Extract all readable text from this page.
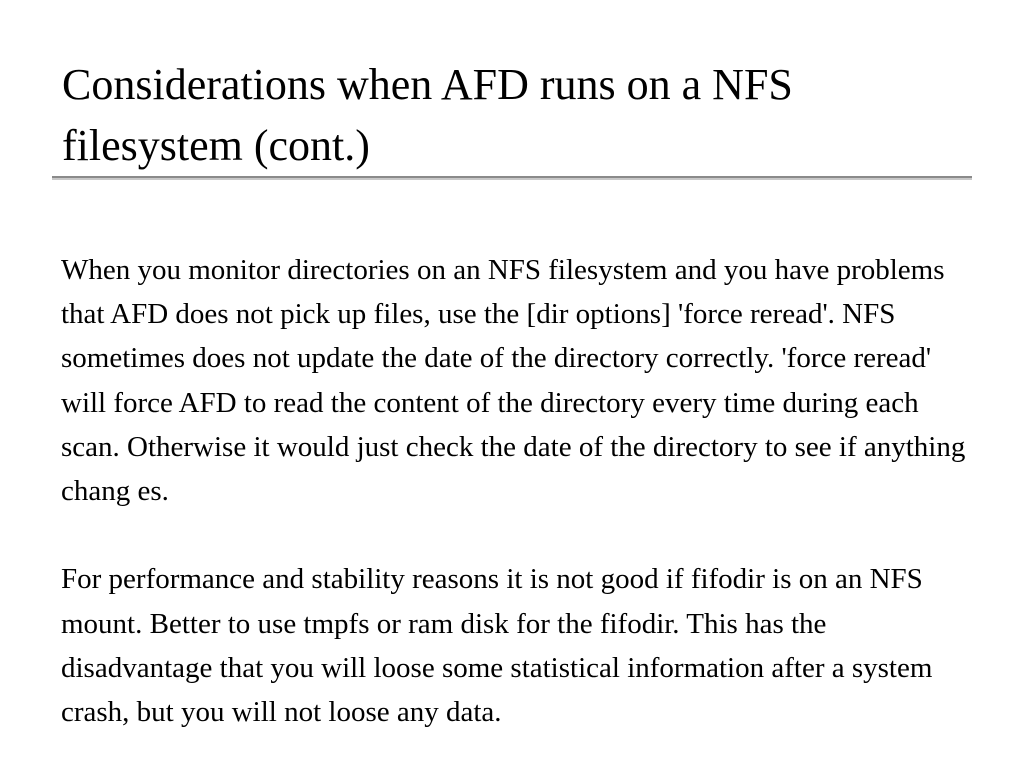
Considerations when AFD runs on a NFS filesystem (cont.)

When you monitor directories on an NFS filesystem and you have problems that AFD does not pick up files, use the [dir options] 'force reread'. NFS sometimes does not update the date of the directory correctly. 'force reread' will force AFD to read the content of the directory every time during each scan. Otherwise it would just check the date of the directory to see if anything chang es.

For performance and stability reasons it is not good if fifodir is on an NFS mount. Better to use tmpfs or ram disk for the fifodir. This has the disadvantage that you will loose some statistical information after a system crash, but you will not loose any data.
